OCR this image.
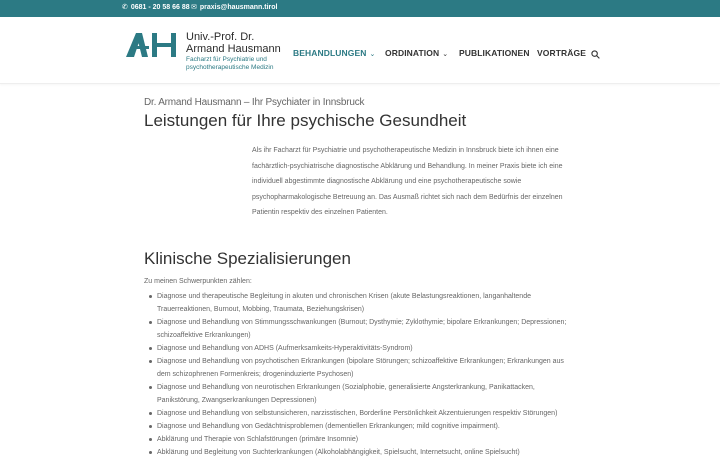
✆ 0681 - 20 58 66 88 ✉ praxis@hausmann.tirol
Univ.-Prof. Dr.
Armand Hausmann
Facharzt für Psychiatrie und
psychotherapeutische Medizin
BEHANDLUNGEN ⌄ ORDINATION ⌄ PUBLIKATIONEN VORTRÄGE

Dr. Armand Hausmann – Ihr Psychiater in Innsbruck

Leistungen für Ihre psychische Gesundheit
Als ihr Facharzt für Psychiatrie und psychotherapeutische Medizin in Innsbruck biete ich ihnen eine fachärztlich-psychiatrische diagnostische Abklärung und Behandlung. In meiner Praxis biete ich eine individuell abgestimmte diagnostische Abklärung und eine psychotherapeutische sowie psychopharmakologische Betreuung an. Das Ausmaß richtet sich nach dem Bedürfnis der einzelnen Patientin respektiv des einzelnen Patienten.
Klinische Spezialisierungen
Zu meinen Schwerpunkten zählen:
Diagnose und therapeutische Begleitung in akuten und chronischen Krisen (akute Belastungsreaktionen, langanhaltende Trauerreaktionen, Burnout, Mobbing, Traumata, Beziehungskrisen)
Diagnose und Behandlung von Stimmungsschwankungen (Burnout; Dysthymie; Zyklothymie; bipolare Erkrankungen; Depressionen; schizoaffektive Erkrankungen)
Diagnose und Behandlung von ADHS (Aufmerksamkeits-Hyperaktivitäts-Syndrom)
Diagnose und Behandlung von psychotischen Erkrankungen (bipolare Störungen; schizoaffektive Erkrankungen; Erkrankungen aus dem schizophrenen Formenkreis; drogeninduzierte Psychosen)
Diagnose und Behandlung von neurotischen Erkrankungen (Sozialphobie, generalisierte Angsterkrankung, Panikattacken, Panikstörung, Zwangserkrankungen Depressionen)
Diagnose und Behandlung von selbstunsicheren, narzisstischen, Borderline Persönlichkeit Akzentuierungen respektiv Störungen)
Diagnose und Behandlung von Gedächtnisproblemen (dementiellen Erkrankungen; mild cognitive impairment).
Abklärung und Therapie von Schlafstörungen (primäre Insomnie)
Abklärung und Begleitung von Suchterkrankungen (Alkoholabhängigkeit, Spielsucht, Internetsucht, online Spielsucht)
